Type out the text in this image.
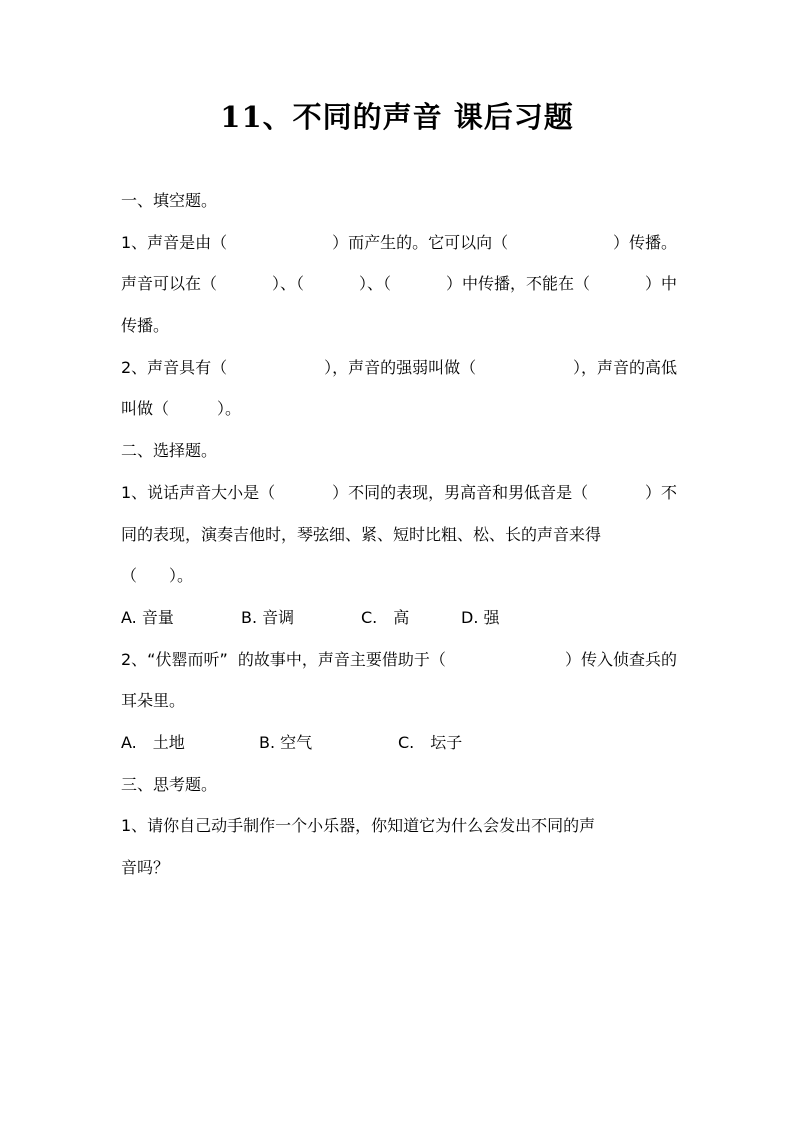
11、不同的声音 课后习题
一、填空题。
1、声音是由（	）而产生的。它可以向（	）传播。
声音可以在（	）、（	）、（	）中传播，不能在（	）中
传播。
2、声音具有（	），声音的强弱叫做（	），声音的高低
叫做（　　　）。
二、选择题。
1、说话声音大小是（	）不同的表现，男高音和男低音是（	）不
同的表现，演奏吉他时，琴弦细、紧、短时比粗、松、长的声音来得
（　　）。
A. 音量	B. 音调	C.　高	D. 强
2、“伏罂而听”  的故事中，声音主要借助于（	）传入侦查兵的
耳朵里。
A.　土地	B. 空气	C.　坛子
三、思考题。
1、请你自己动手制作一个小乐器，你知道它为什么会发出不同的声
音吗？
